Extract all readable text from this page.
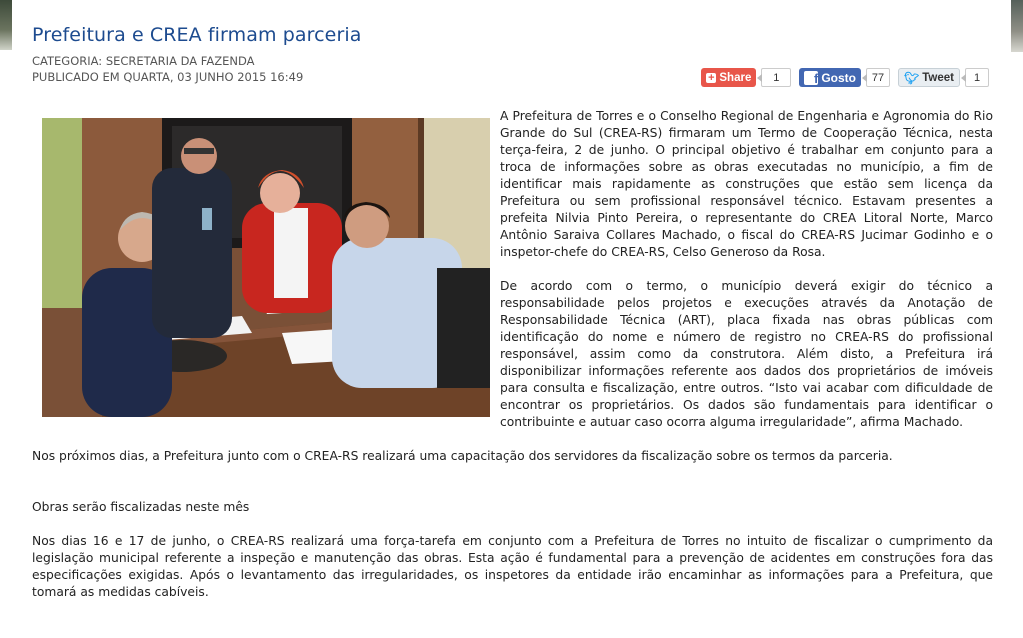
Prefeitura e CREA firmam parceria
CATEGORIA: SECRETARIA DA FAZENDA
PUBLICADO EM QUARTA, 03 JUNHO 2015 16:49	+ Share	1	f Gosto	77	🐦︎ Tweet	1

A Prefeitura de Torres e o Conselho Regional de Engenharia e Agronomia do Rio Grande do Sul (CREA-RS) firmaram um Termo de Cooperação Técnica, nesta terça-feira, 2 de junho. O principal objetivo é trabalhar em conjunto para a troca de informações sobre as obras executadas no município, a fim de identificar mais rapidamente as construções que estão sem licença da Prefeitura ou sem profissional responsável técnico. Estavam presentes a prefeita Nilvia Pinto Pereira, o representante do CREA Litoral Norte, Marco Antônio Saraiva Collares Machado, o fiscal do CREA-RS Jucimar Godinho e o inspetor-chefe do CREA-RS, Celso Generoso da Rosa.

De acordo com o termo, o município deverá exigir do técnico a responsabilidade pelos projetos e execuções através da Anotação de Responsabilidade Técnica (ART), placa fixada nas obras públicas com identificação do nome e número de registro no CREA-RS do profissional responsável, assim como da construtora. Além disto, a Prefeitura irá disponibilizar informações referente aos dados dos proprietários de imóveis para consulta e fiscalização, entre outros. “Isto vai acabar com dificuldade de encontrar os proprietários. Os dados são fundamentais para identificar o contribuinte e autuar caso ocorra alguma irregularidade”, afirma Machado.

Nos próximos dias, a Prefeitura junto com o CREA-RS realizará uma capacitação dos servidores da fiscalização sobre os termos da parceria.

Obras serão fiscalizadas neste mês

Nos dias 16 e 17 de junho, o CREA-RS realizará uma força-tarefa em conjunto com a Prefeitura de Torres no intuito de fiscalizar o cumprimento da legislação municipal referente a inspeção e manutenção das obras. Esta ação é fundamental para a prevenção de acidentes em construções fora das especificações exigidas. Após o levantamento das irregularidades, os inspetores da entidade irão encaminhar as informações para a Prefeitura, que tomará as medidas cabíveis.
